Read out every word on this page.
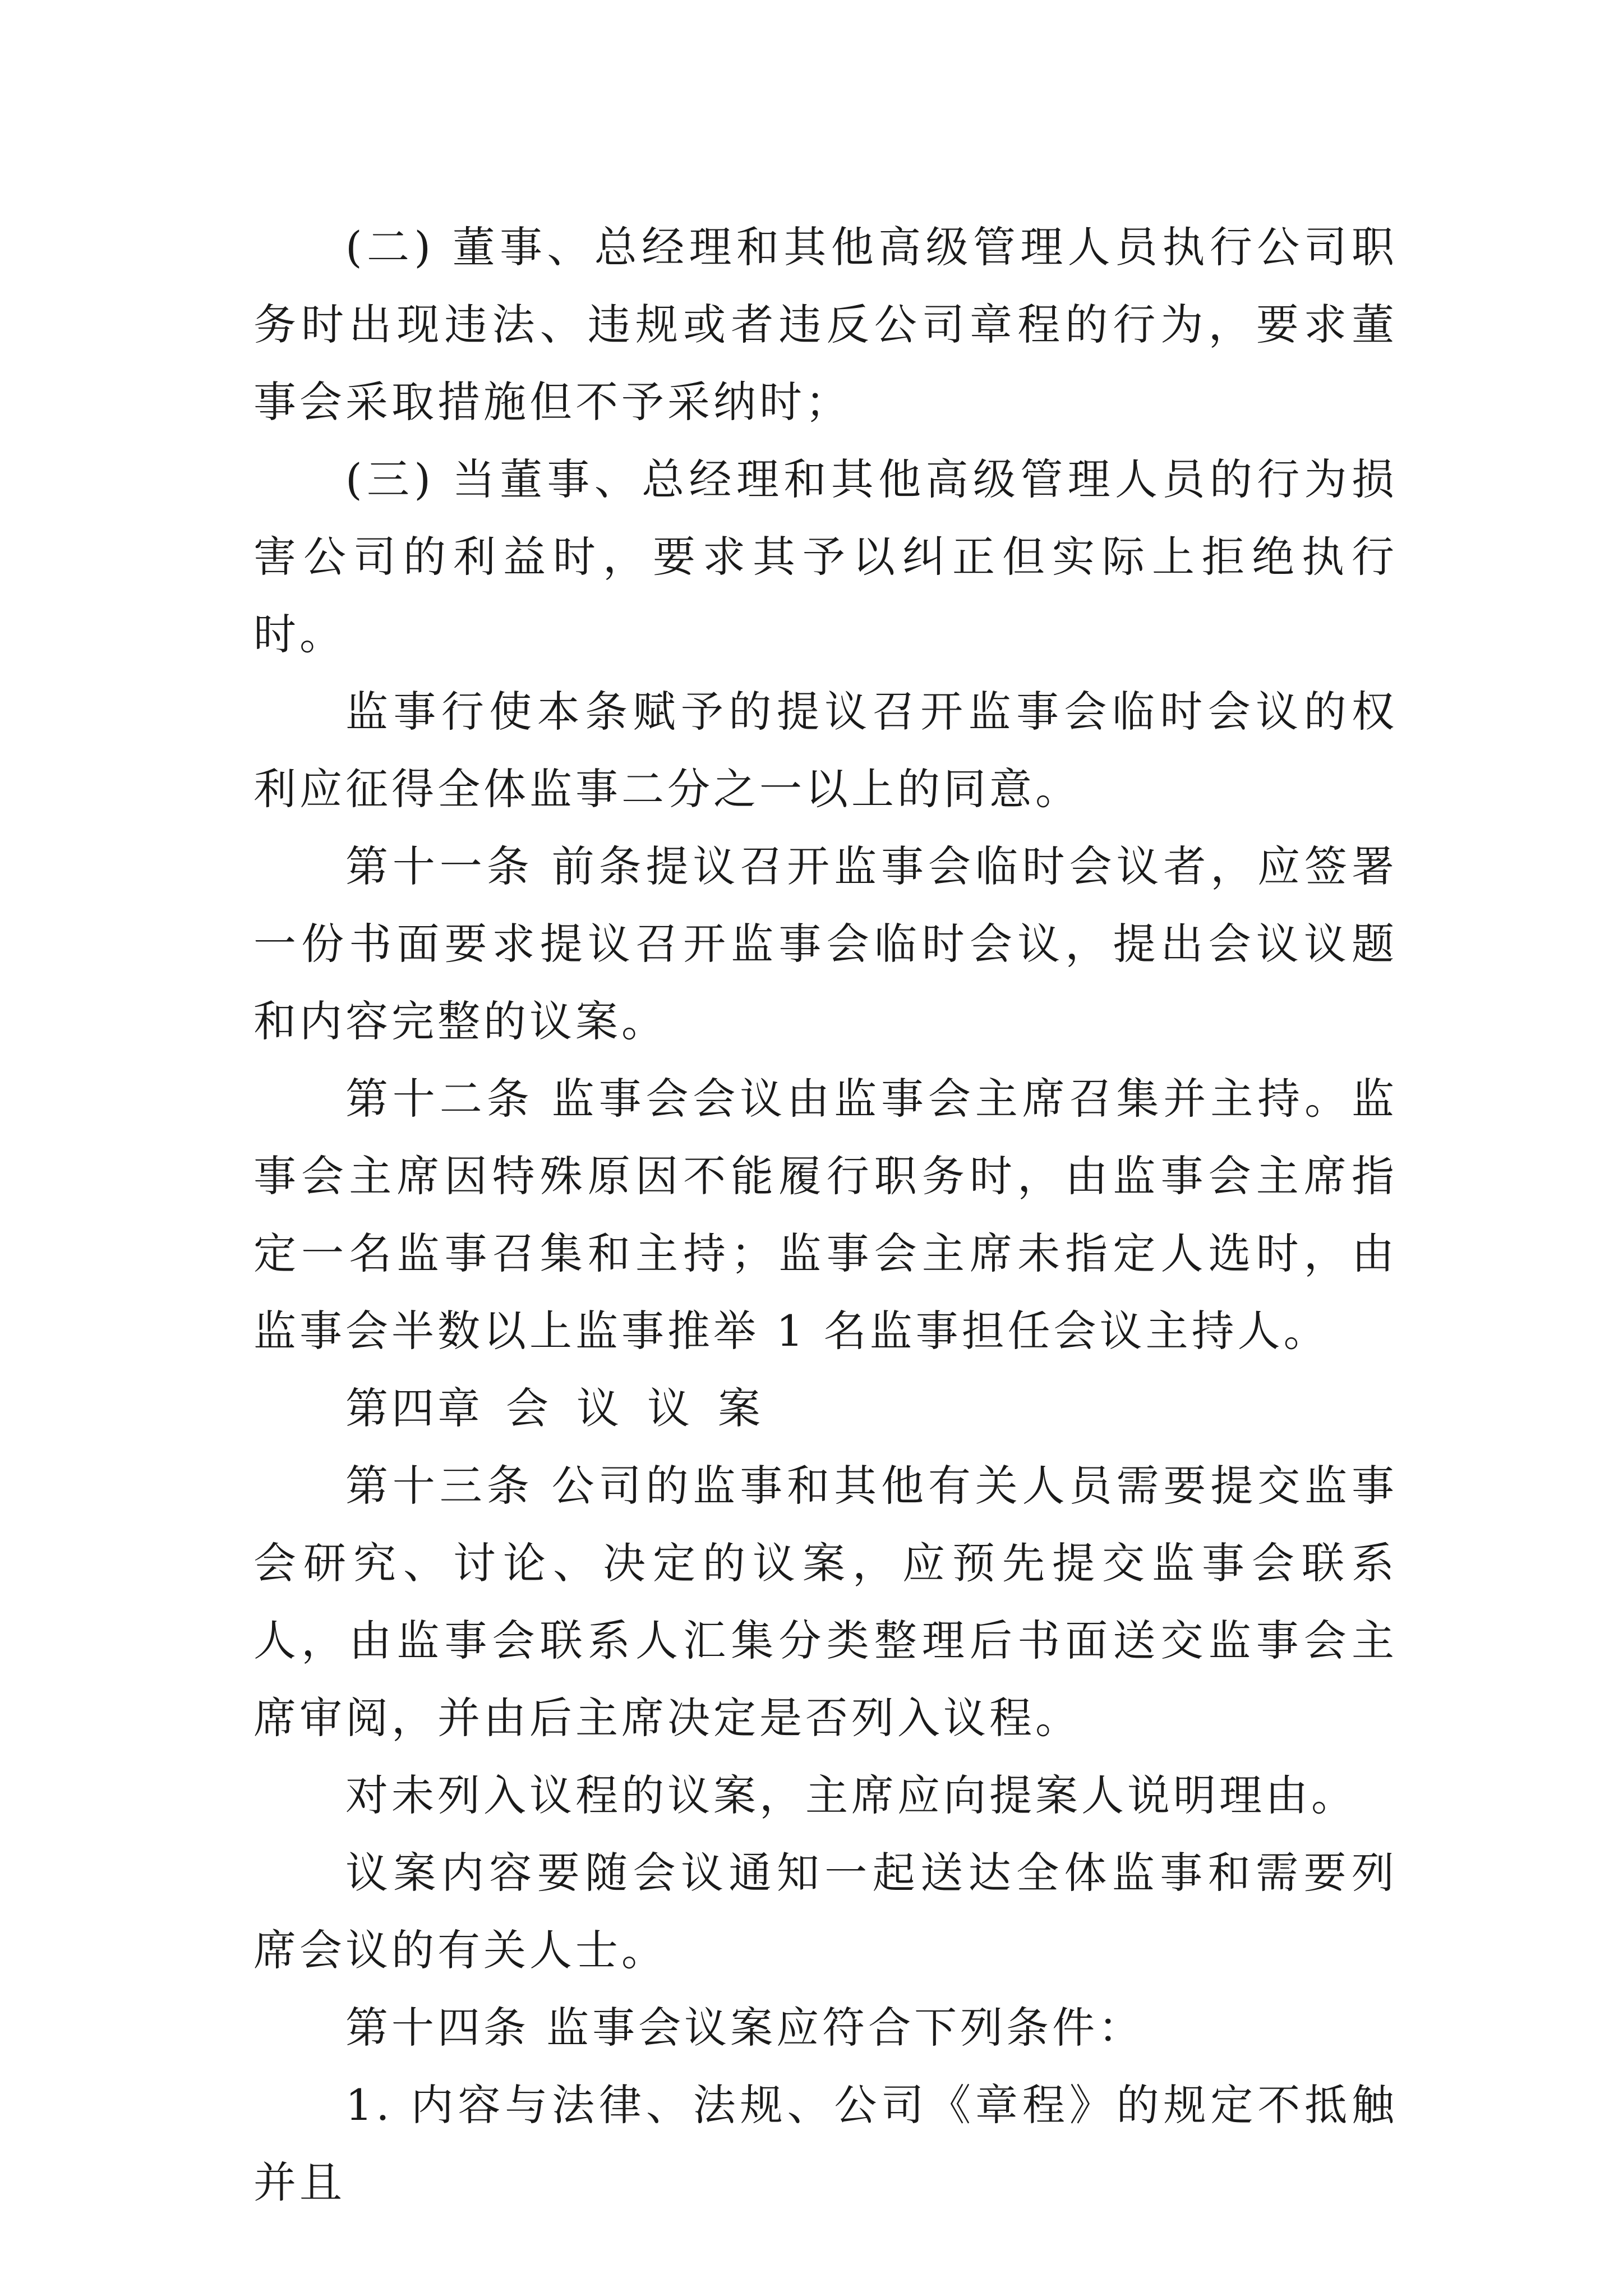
(二) 董事、总经理和其他高级管理人员执行公司职务时出现违法、违规或者违反公司章程的行为，要求董事会采取措施但不予采纳时；

(三) 当董事、总经理和其他高级管理人员的行为损害公司的利益时，要求其予以纠正但实际上拒绝执行时。

监事行使本条赋予的提议召开监事会临时会议的权利应征得全体监事二分之一以上的同意。

第十一条 前条提议召开监事会临时会议者，应签署一份书面要求提议召开监事会临时会议，提出会议议题和内容完整的议案。

第十二条 监事会会议由监事会主席召集并主持。监事会主席因特殊原因不能履行职务时，由监事会主席指定一名监事召集和主持；监事会主席未指定人选时，由监事会半数以上监事推举 1 名监事担任会议主持人。

第四章 会议议案

第十三条 公司的监事和其他有关人员需要提交监事会研究、讨论、决定的议案，应预先提交监事会联系人，由监事会联系人汇集分类整理后书面送交监事会主席审阅，并由后主席决定是否列入议程。

对未列入议程的议案，主席应向提案人说明理由。

议案内容要随会议通知一起送达全体监事和需要列席会议的有关人士。

第十四条 监事会议案应符合下列条件：

1. 内容与法律、法规、公司《章程》的规定不抵触并且
